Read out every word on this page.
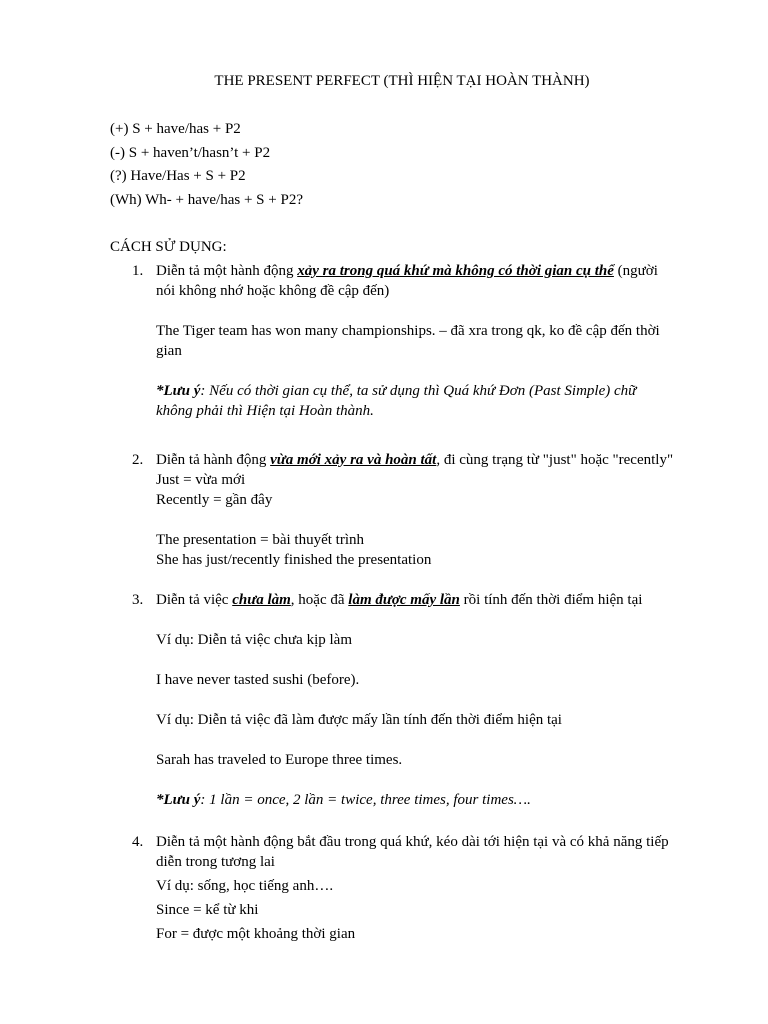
THE PRESENT PERFECT (THÌ HIỆN TẠI HOÀN THÀNH)
(+) S + have/has + P2
(-) S + haven’t/hasn’t + P2
(?) Have/Has + S + P2
(Wh) Wh- + have/has + S + P2?
CÁCH SỬ DỤNG:
1. Diễn tả một hành động xảy ra trong quá khứ mà không có thời gian cụ thể (người
nói không nhớ hoặc không đề cập đến)
The Tiger team has won many championships. – đã xra trong qk, ko đề cập đến thời
gian
*Lưu ý: Nếu có thời gian cụ thể, ta sử dụng thì Quá khứ Đơn (Past Simple) chữ
không phải thì Hiện tại Hoàn thành.
2. Diễn tả hành động vừa mới xảy ra và hoàn tất, đi cùng trạng từ "just" hoặc "recently"
Just = vừa mới
Recently = gần đây
The presentation = bài thuyết trình
She has just/recently finished the presentation
3. Diễn tả việc chưa làm, hoặc đã làm được mấy lần rồi tính đến thời điểm hiện tại
Ví dụ: Diễn tả việc chưa kịp làm
I have never tasted sushi (before).
Ví dụ: Diễn tả việc đã làm được mấy lần tính đến thời điểm hiện tại
Sarah has traveled to Europe three times.
*Lưu ý: 1 lần = once, 2 lần = twice, three times, four times….
4. Diễn tả một hành động bắt đầu trong quá khứ, kéo dài tới hiện tại và có khả năng tiếp
diễn trong tương lai
Ví dụ: sống, học tiếng anh….
Since = kể từ khi
For = được một khoảng thời gian
